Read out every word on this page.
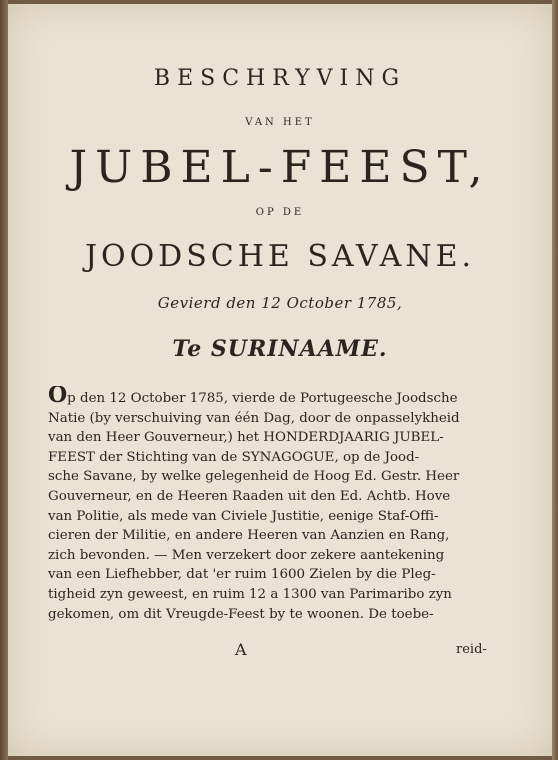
BESCHRYVING
VAN HET
JUBEL-FEEST,
OP DE
JOODSCHE SAVANE.
Gevierd den 12 October 1785,
Te SURINAAME.
Op den 12 October 1785, vierde de Portugeesche Joodsche
Natie (by verschuiving van één Dag, door de onpasselykheid
van den Heer Gouverneur,) het HONDERDJAARIG JUBEL-
FEEST der Stichting van de SYNAGOGUE, op de Jood-
sche Savane, by welke gelegenheid de Hoog Ed. Gestr. Heer
Gouverneur, en de Heeren Raaden uit den Ed. Achtb. Hove
van Politie, als mede van Civiele Justitie, eenige Staf-Offi-
cieren der Militie, en andere Heeren van Aanzien en Rang,
zich bevonden. — Men verzekert door zekere aantekening
van een Liefhebber, dat 'er ruim 1600 Zielen by die Pleg-
tigheid zyn geweest, en ruim 12 a 1300 van Parimaribo zyn
gekomen, om dit Vreugde-Feest by te woonen. De toebe-
A	reid-
